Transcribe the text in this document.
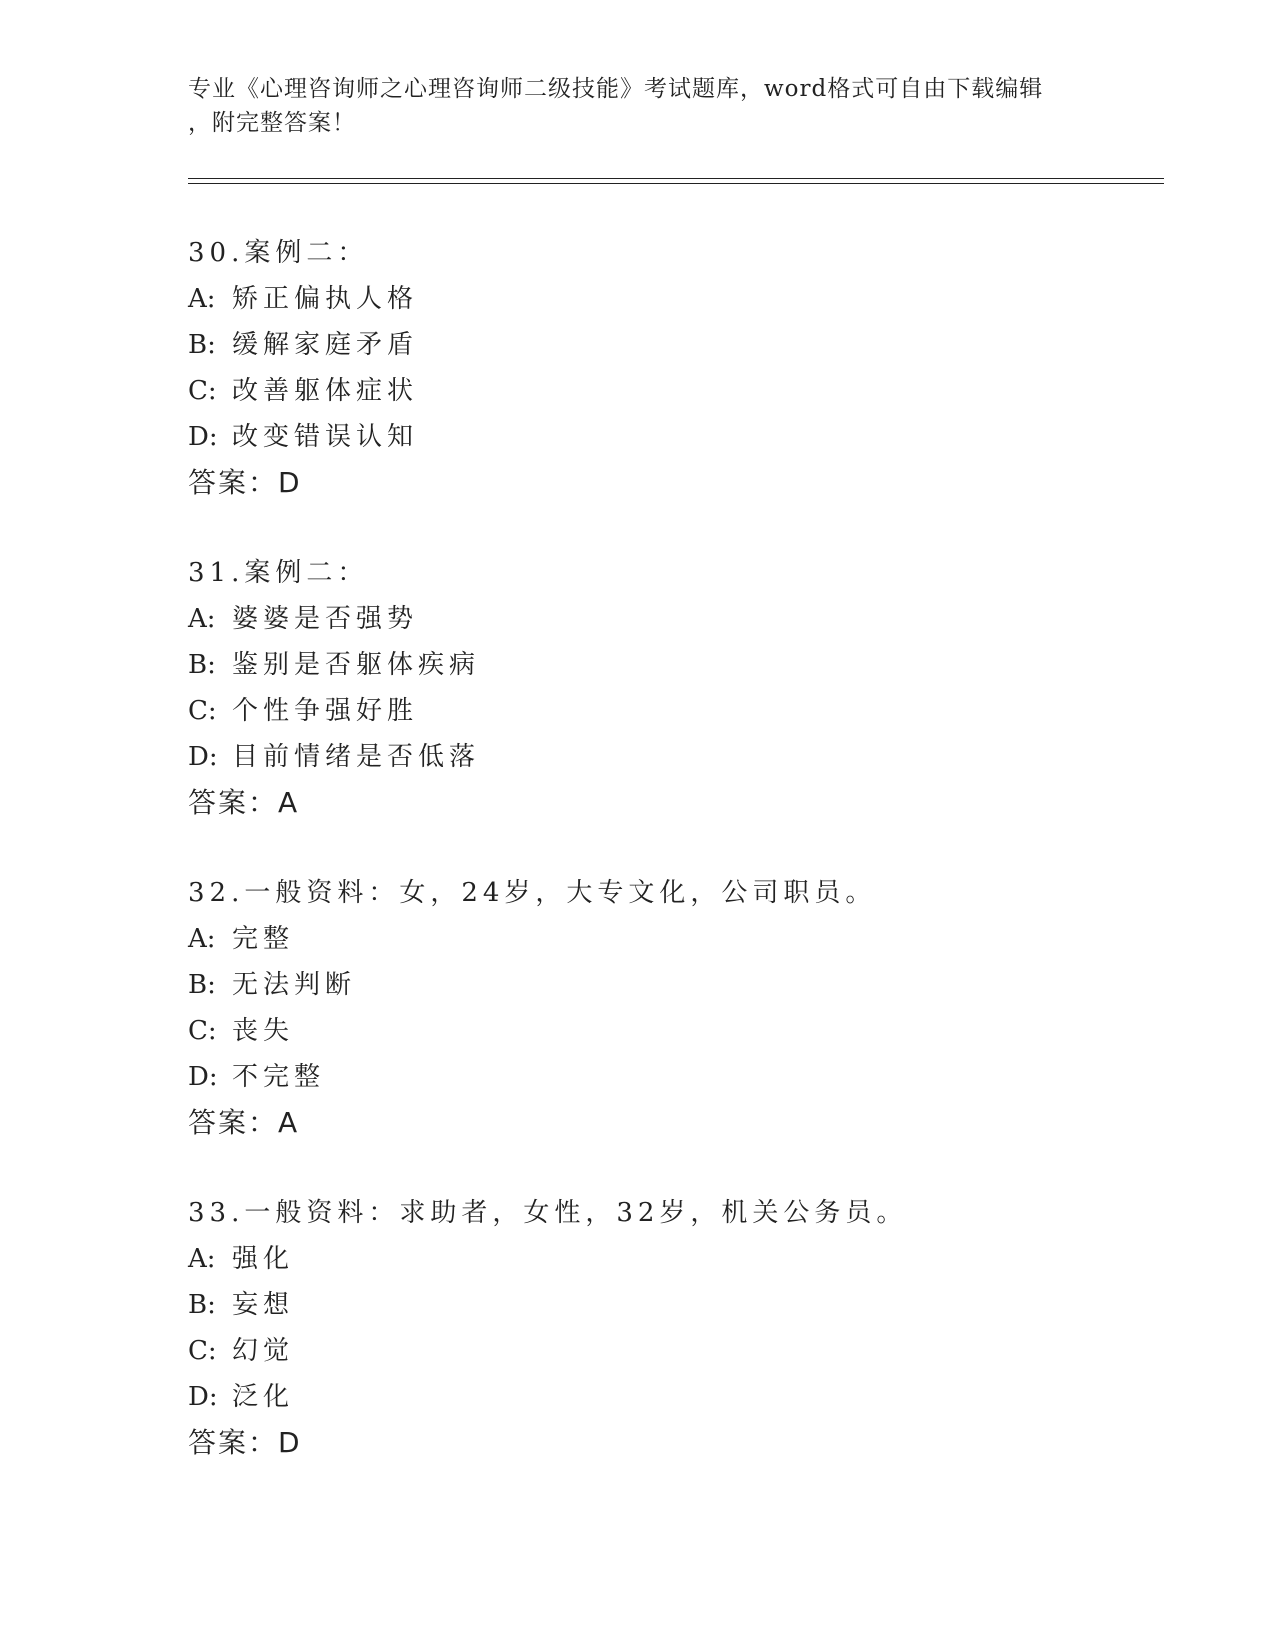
专业《心理咨询师之心理咨询师二级技能》考试题库，word格式可自由下载编辑
，附完整答案！
30.案例二：
A: 矫正偏执人格
B: 缓解家庭矛盾
C: 改善躯体症状
D: 改变错误认知
答案：D
31.案例二：
A: 婆婆是否强势
B: 鉴别是否躯体疾病
C: 个性争强好胜
D: 目前情绪是否低落
答案：A
32.一般资料：女，24岁，大专文化，公司职员。
A: 完整
B: 无法判断
C: 丧失
D: 不完整
答案：A
33.一般资料：求助者，女性，32岁，机关公务员。
A: 强化
B: 妄想
C: 幻觉
D: 泛化
答案：D
